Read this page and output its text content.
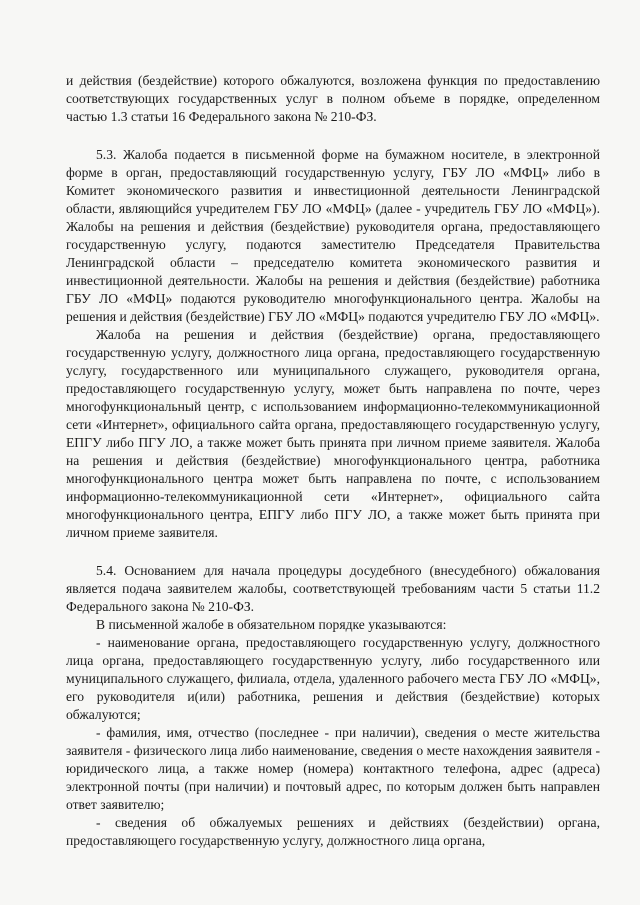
и действия (бездействие) которого обжалуются, возложена функция по предоставлению соответствующих государственных услуг в полном объеме в порядке, определенном частью 1.3 статьи 16 Федерального закона № 210-ФЗ.

5.3. Жалоба подается в письменной форме на бумажном носителе, в электронной форме в орган, предоставляющий государственную услугу, ГБУ ЛО «МФЦ» либо в Комитет экономического развития и инвестиционной деятельности Ленинградской области, являющийся учредителем ГБУ ЛО «МФЦ» (далее - учредитель ГБУ ЛО «МФЦ»). Жалобы на решения и действия (бездействие) руководителя органа, предоставляющего государственную услугу, подаются заместителю Председателя Правительства Ленинградской области – председателю комитета экономического развития и инвестиционной деятельности. Жалобы на решения и действия (бездействие) работника ГБУ ЛО «МФЦ» подаются руководителю многофункционального центра. Жалобы на решения и действия (бездействие) ГБУ ЛО «МФЦ» подаются учредителю ГБУ ЛО «МФЦ».

Жалоба на решения и действия (бездействие) органа, предоставляющего государственную услугу, должностного лица органа, предоставляющего государственную услугу, государственного или муниципального служащего, руководителя органа, предоставляющего государственную услугу, может быть направлена по почте, через многофункциональный центр, с использованием информационно-телекоммуникационной сети «Интернет», официального сайта органа, предоставляющего государственную услугу, ЕПГУ либо ПГУ ЛО, а также может быть принята при личном приеме заявителя. Жалоба на решения и действия (бездействие) многофункционального центра, работника многофункционального центра может быть направлена по почте, с использованием информационно-телекоммуникационной сети «Интернет», официального сайта многофункционального центра, ЕПГУ либо ПГУ ЛО, а также может быть принята при личном приеме заявителя.

5.4. Основанием для начала процедуры досудебного (внесудебного) обжалования является подача заявителем жалобы, соответствующей требованиям части 5 статьи 11.2 Федерального закона № 210-ФЗ.

В письменной жалобе в обязательном порядке указываются:

- наименование органа, предоставляющего государственную услугу, должностного лица органа, предоставляющего государственную услугу, либо государственного или муниципального служащего, филиала, отдела, удаленного рабочего места ГБУ ЛО «МФЦ», его руководителя и(или) работника, решения и действия (бездействие) которых обжалуются;

- фамилия, имя, отчество (последнее - при наличии), сведения о месте жительства заявителя - физического лица либо наименование, сведения о месте нахождения заявителя - юридического лица, а также номер (номера) контактного телефона, адрес (адреса) электронной почты (при наличии) и почтовый адрес, по которым должен быть направлен ответ заявителю;

- сведения об обжалуемых решениях и действиях (бездействии) органа, предоставляющего государственную услугу, должностного лица органа,
